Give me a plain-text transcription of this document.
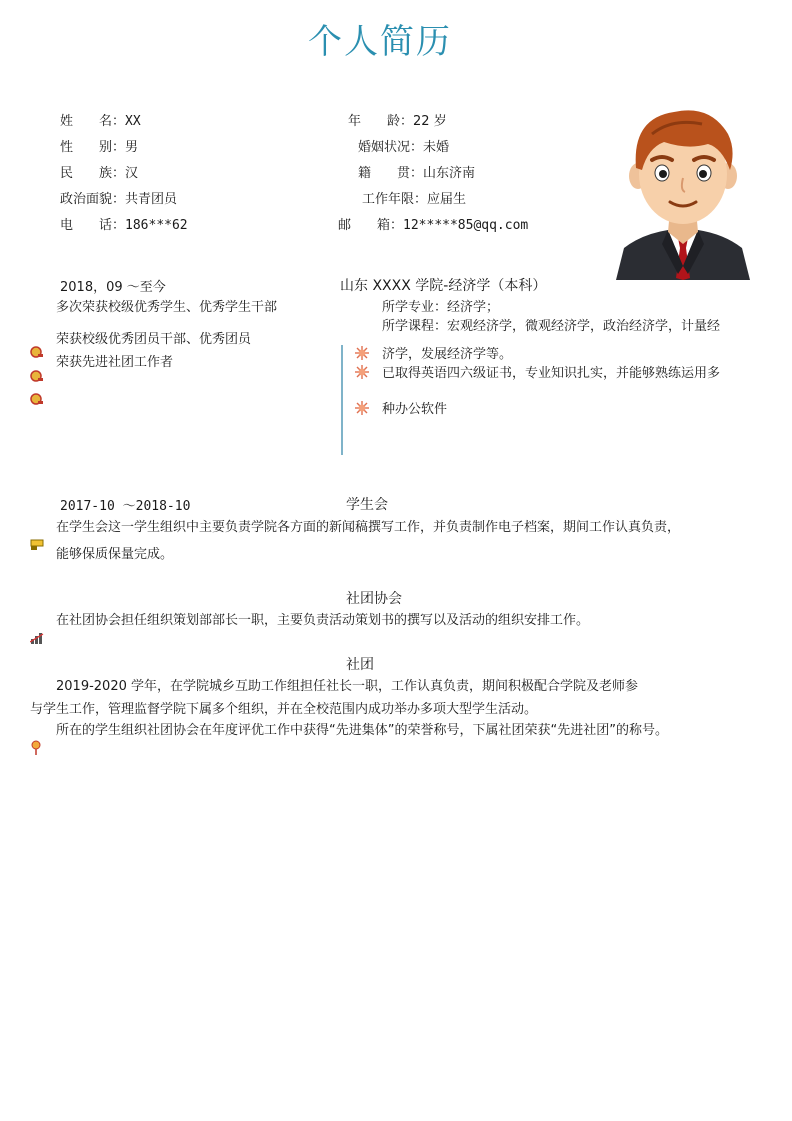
个人简历
姓　　名：XX	年　　龄：22 岁
性　　别：男	婚姻状况：未婚
民　　族：汉	籍　　贯：山东济南
政治面貌：共青团员	工作年限：应届生
电　　话：186***62	邮　　箱：12*****85@qq.com
2018，09 ～至今	山东 XXXX 学院-经济学（本科）
多次荣获校级优秀学生、优秀学生干部
荣获校级优秀团员干部、优秀团员
荣获先进社团工作者
所学专业：经济学；
所学课程：宏观经济学，微观经济学，政治经济学，计量经
济学，发展经济学等。
已取得英语四六级证书，专业知识扎实，并能够熟练运用多
种办公软件
2017-10 ～2018-10	学生会
在学生会这一学生组织中主要负责学院各方面的新闻稿撰写工作，并负责制作电子档案，期间工作认真负责，
能够保质保量完成。
社团协会
在社团协会担任组织策划部部长一职，主要负责活动策划书的撰写以及活动的组织安排工作。
社团
2019-2020 学年，在学院城乡互助工作组担任社长一职，工作认真负责，期间积极配合学院及老师参
与学生工作，管理监督学院下属多个组织，并在全校范围内成功举办多项大型学生活动。
所在的学生组织社团协会在年度评优工作中获得“先进集体”的荣誉称号，下属社团荣获“先进社团”的称号。
